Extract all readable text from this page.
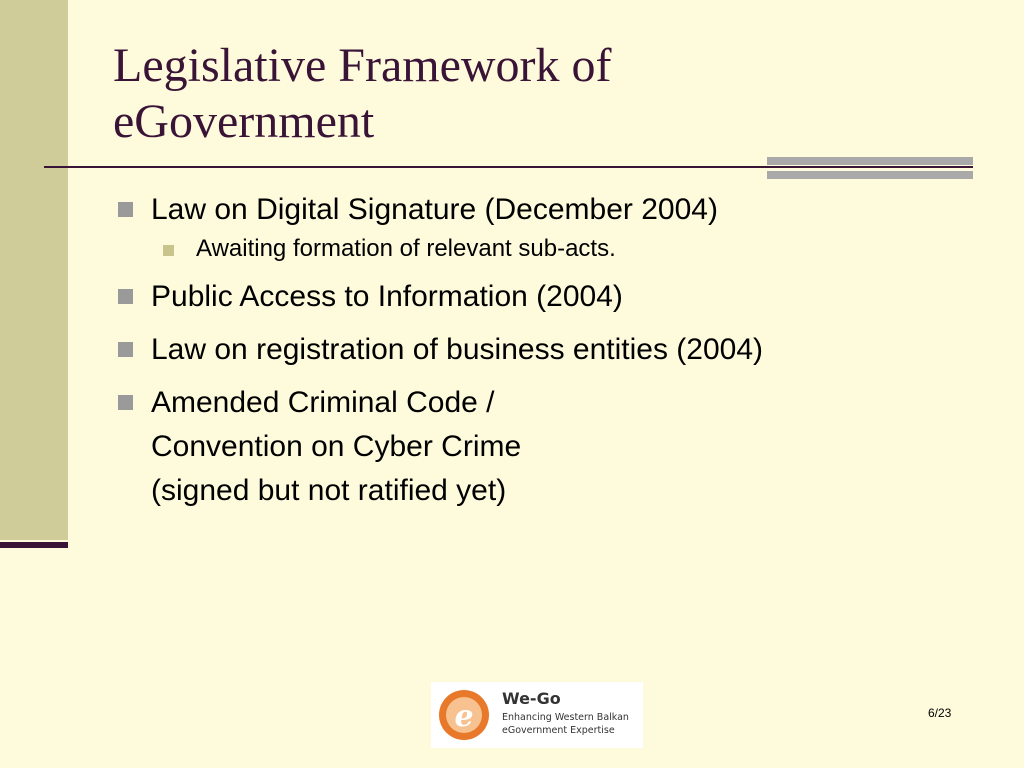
Legislative Framework of
eGovernment
Law on Digital Signature (December 2004)
Awaiting formation of relevant sub-acts.
Public Access to Information (2004)
Law on registration of business entities (2004)
Amended Criminal Code /
Convention on Cyber Crime
(signed but not ratified yet)
e
We-Go
Enhancing Western Balkan
eGovernment Expertise
6/23
